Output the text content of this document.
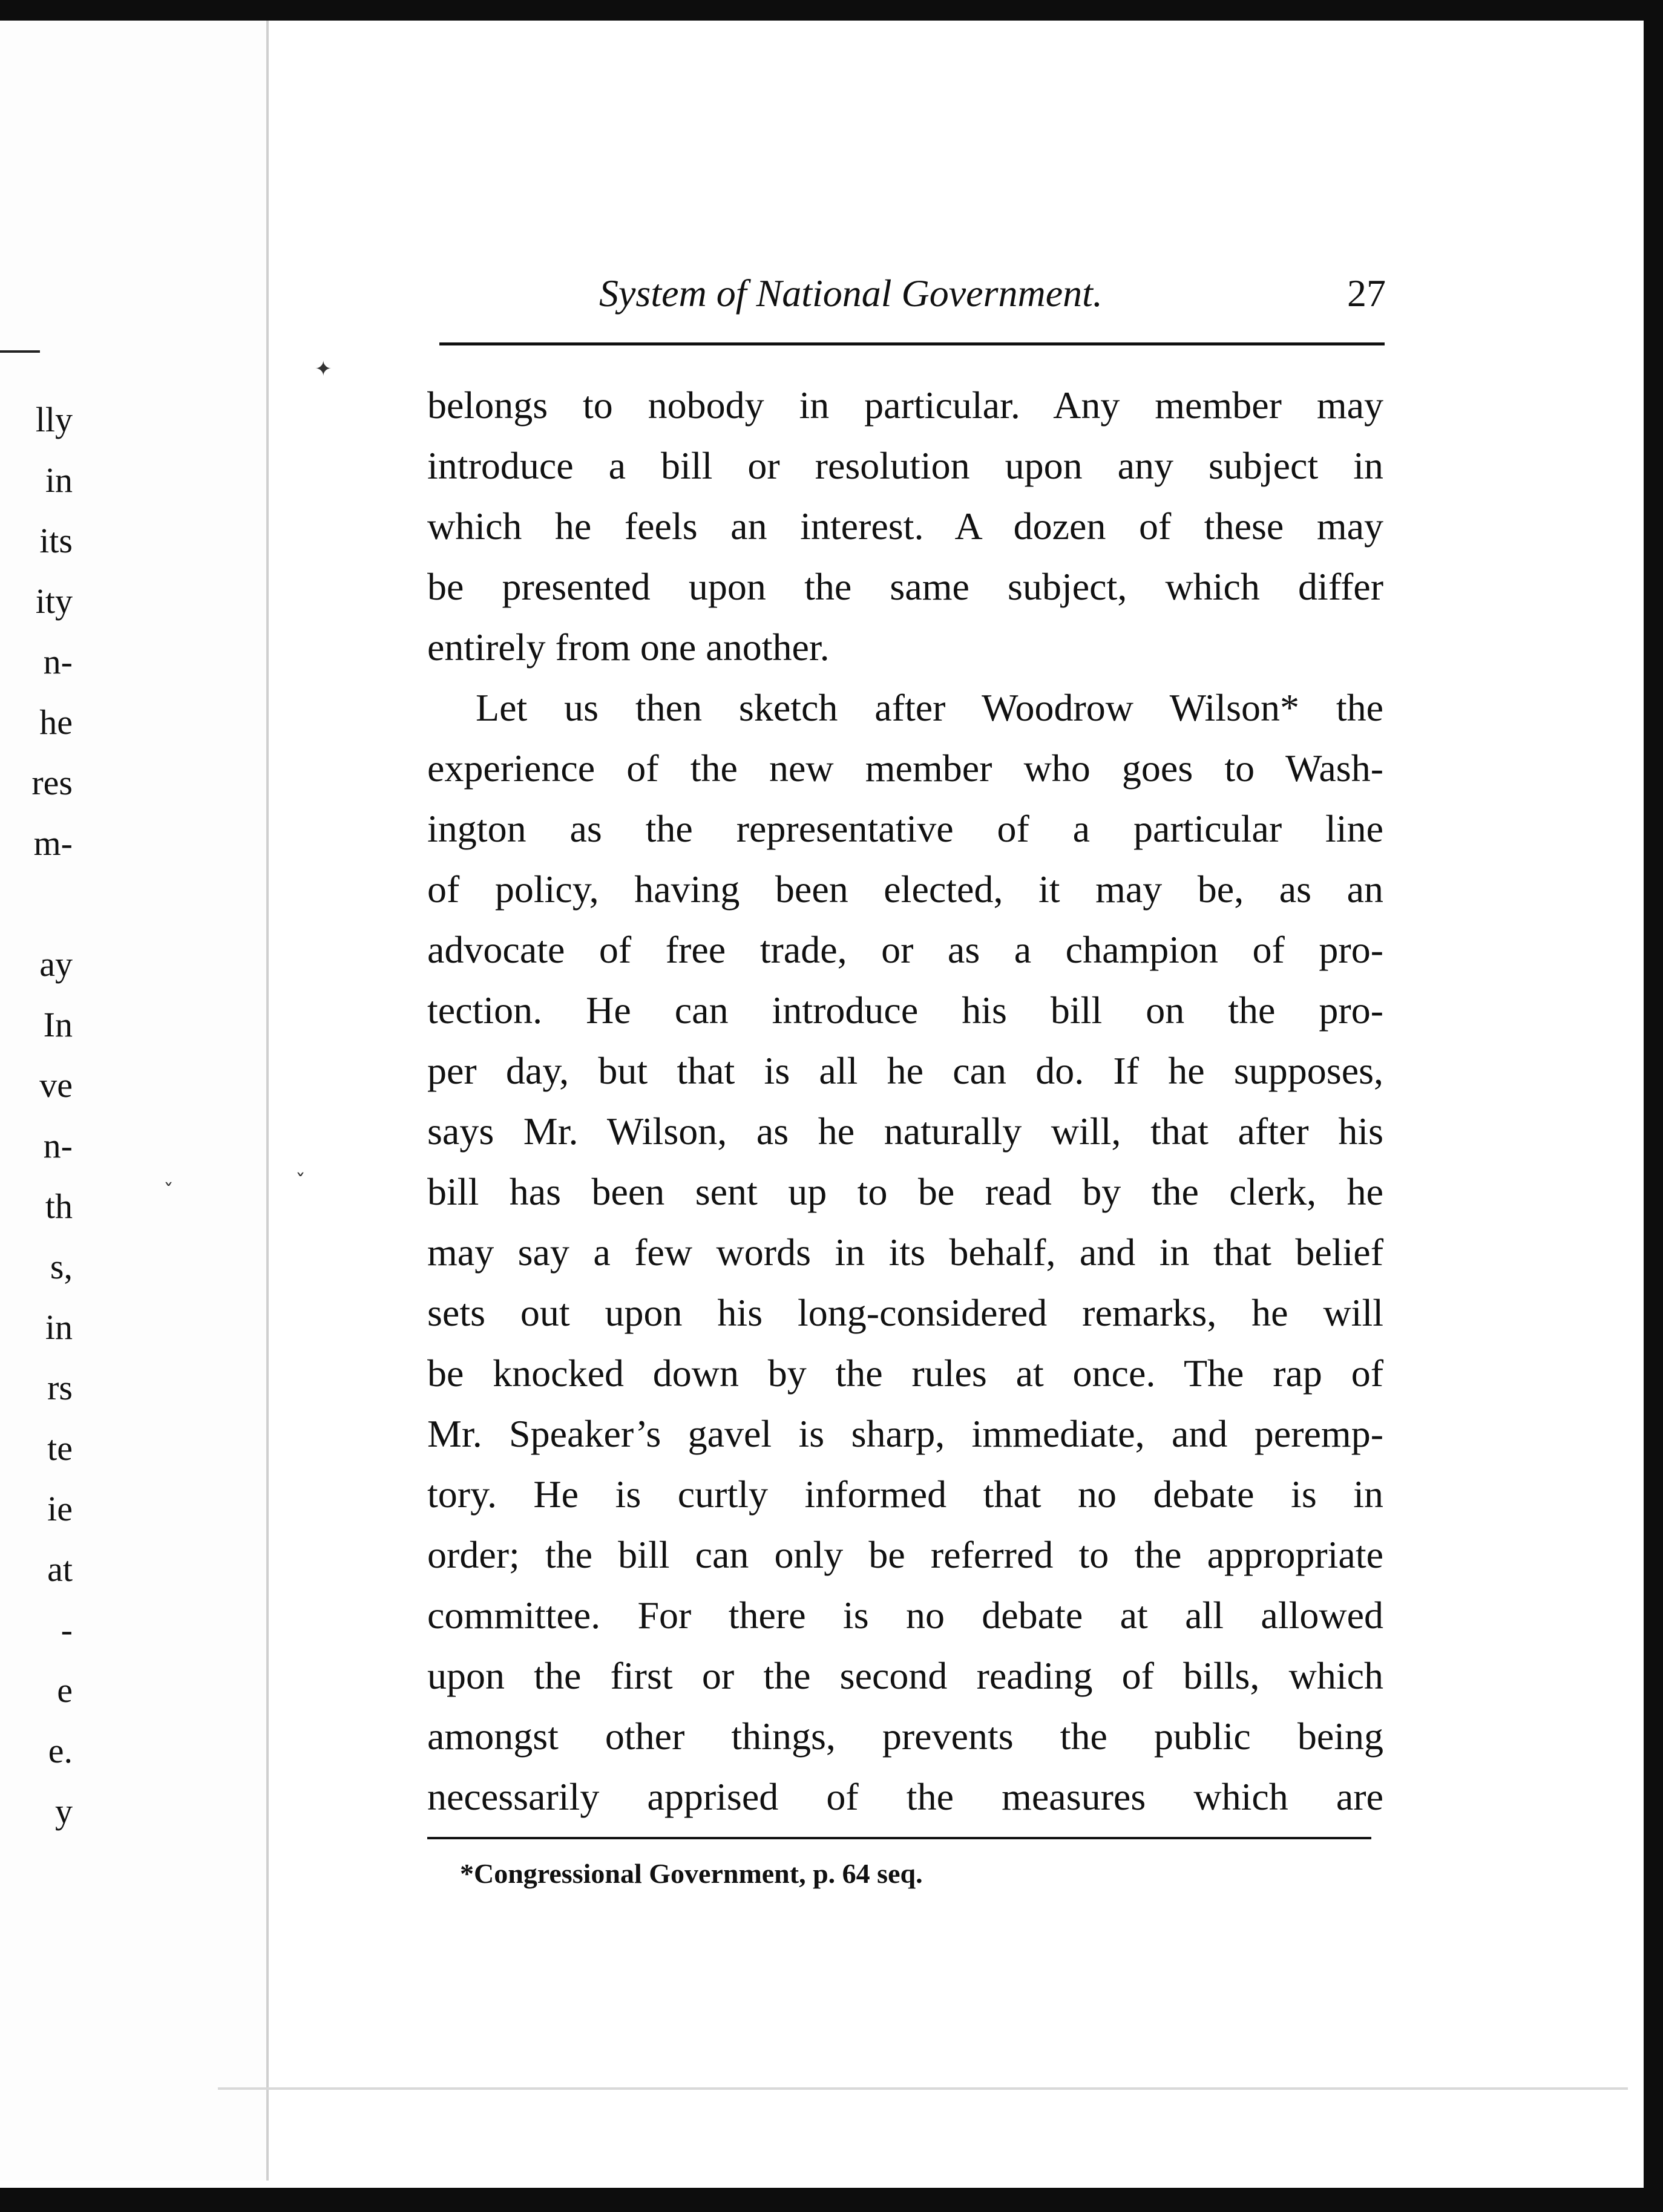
lly
in
its
ity
n-
he
res
m-
ay
In
ve
n-
th
s,
in
rs
te
ie
at
-
e
e.
y
System of National Government.	27
belongs to nobody in particular. Any member may
introduce a bill or resolution upon any subject in
which he feels an interest. A dozen of these may
be presented upon the same subject, which differ
entirely from one another.
Let us then sketch after Woodrow Wilson* the
experience of the new member who goes to Wash-
ington as the representative of a particular line
of policy, having been elected, it may be, as an
advocate of free trade, or as a champion of pro-
tection. He can introduce his bill on the pro-
per day, but that is all he can do. If he supposes,
says Mr. Wilson, as he naturally will, that after his
bill has been sent up to be read by the clerk, he
may say a few words in its behalf, and in that belief
sets out upon his long-considered remarks, he will
be knocked down by the rules at once. The rap of
Mr. Speaker’s gavel is sharp, immediate, and peremp-
tory. He is curtly informed that no debate is in
order; the bill can only be referred to the appropriate
committee. For there is no debate at all allowed
upon the first or the second reading of bills, which
amongst other things, prevents the public being
necessarily apprised of the measures which are
*Congressional Government, p. 64 seq.
✦
ˇ
ˇ
